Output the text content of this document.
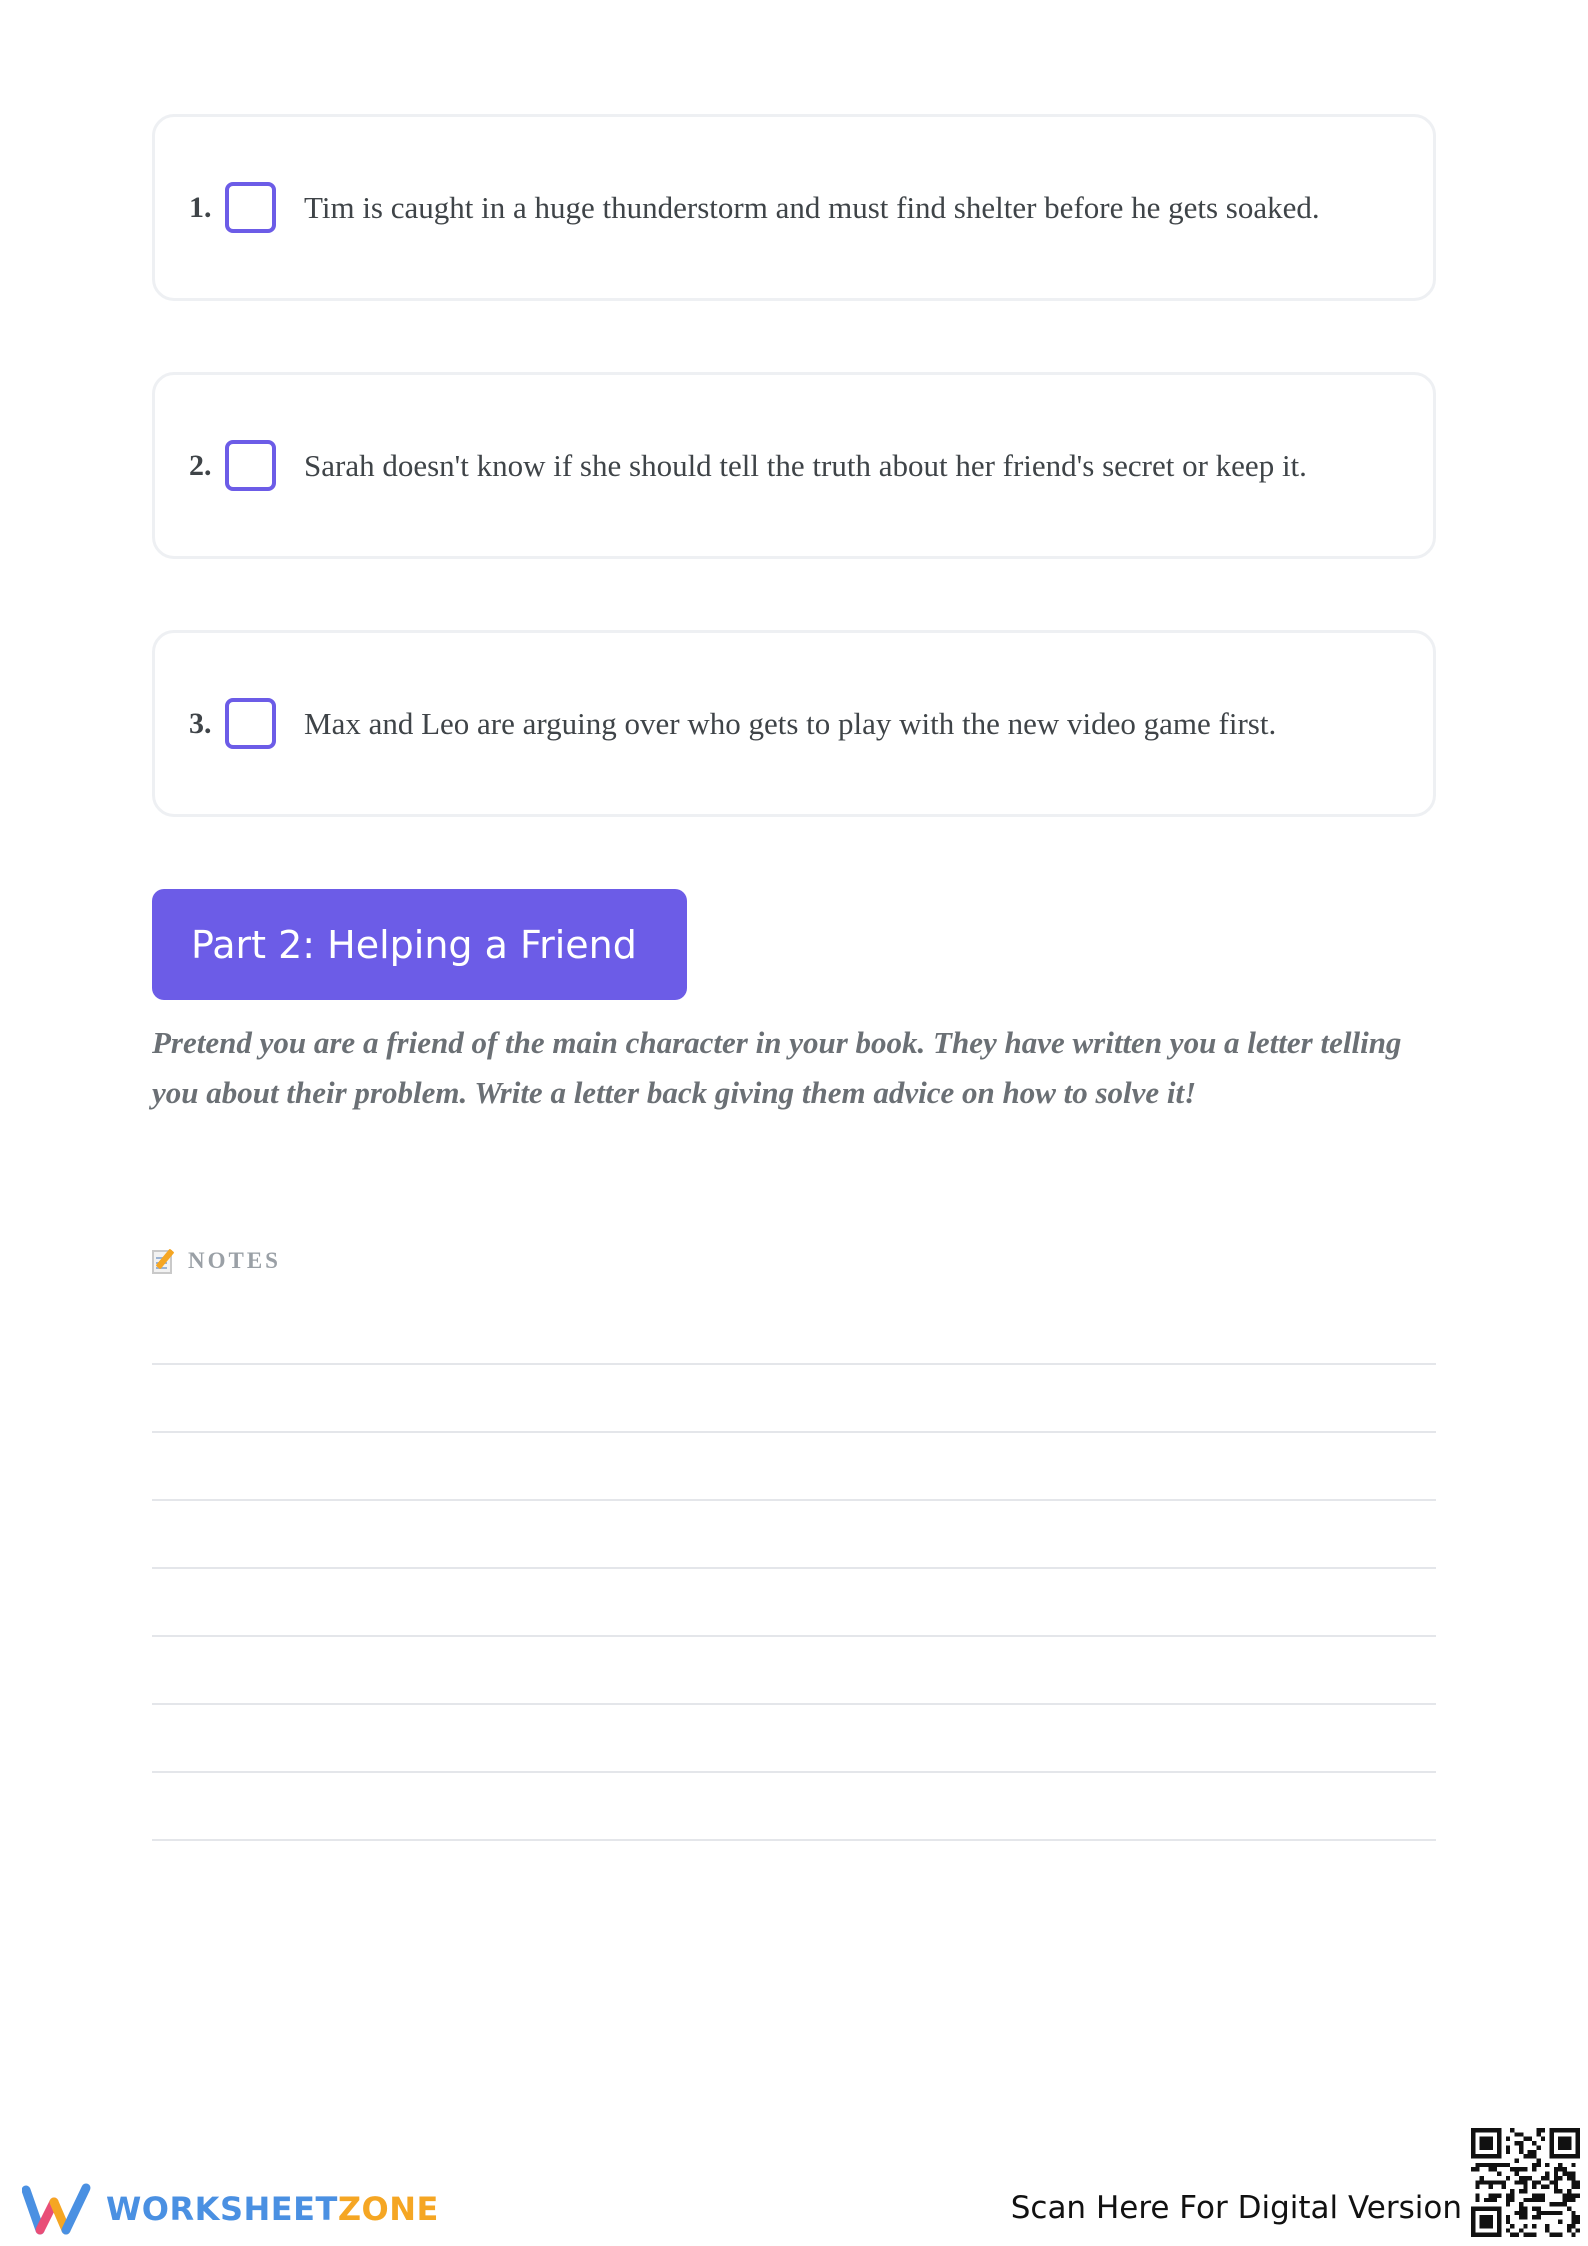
1.	Tim is caught in a huge thunderstorm and must find shelter before he gets soaked.
2.	Sarah doesn't know if she should tell the truth about her friend's secret or keep it.
3.	Max and Leo are arguing over who gets to play with the new video game first.
Part 2: Helping a Friend
Pretend you are a friend of the main character in your book. They have written you a letter telling you about their problem. Write a letter back giving them advice on how to solve it!
NOTES
WORKSHEETZONE	Scan Here For Digital Version
